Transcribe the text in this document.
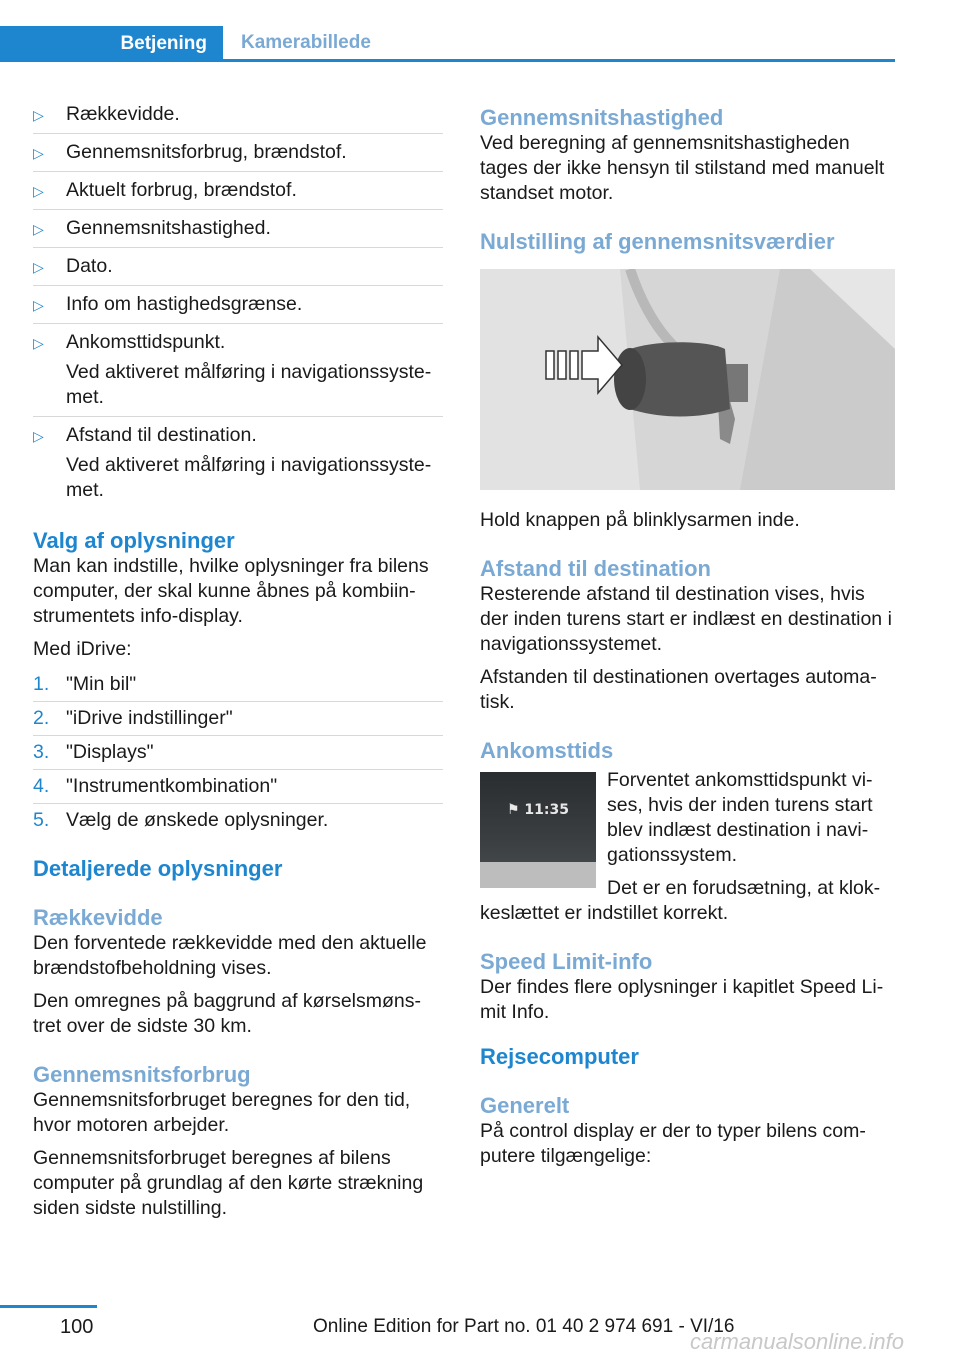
Betjening	Kamerabillede
▷ Rækkevidde.
▷ Gennemsnitsforbrug, brændstof.
▷ Aktuelt forbrug, brændstof.
▷ Gennemsnitshastighed.
▷ Dato.
▷ Info om hastighedsgrænse.
▷ Ankomsttidspunkt.
Ved aktiveret målføring i navigationssyste‐met.
▷ Afstand til destination.
Ved aktiveret målføring i navigationssyste‐met.
Valg af oplysninger

Man kan indstille, hvilke oplysninger fra bilens computer, der skal kunne åbnes på kombiin‐strumentets info-display.

Med iDrive:

1. "Min bil"
2. "iDrive indstillinger"
3. "Displays"
4. "Instrumentkombination"
5. Vælg de ønskede oplysninger.
Detaljerede oplysninger
Rækkevidde

Den forventede rækkevidde med den aktuelle brændstofbeholdning vises.

Den omregnes på baggrund af kørselsmøns‐tret over de sidste 30 km.

Gennemsnitsforbrug

Gennemsnitsforbruget beregnes for den tid, hvor motoren arbejder.

Gennemsnitsforbruget beregnes af bilens computer på grundlag af den kørte strækning siden sidste nulstilling.

Gennemsnitshastighed

Ved beregning af gennemsnitshastigheden tages der ikke hensyn til stilstand med manuelt standset motor.

Nulstilling af gennemsnitsværdier

Hold knappen på blinklysarmen inde.

Afstand til destination

Resterende afstand til destination vises, hvis der inden turens start er indlæst en destination i navigationssystemet.

Afstanden til destinationen overtages automa‐tisk.

Ankomsttids
⚑ 11:35

Forventet ankomsttidspunkt vi‐ses, hvis der inden turens start blev indlæst destination i navi‐gationssystem.

Det er en forudsætning, at klok‐keslættet er indstillet korrekt.

Speed Limit-info

Der findes flere oplysninger i kapitlet Speed Li‐mit Info.

Rejsecomputer
Generelt

På control display er der to typer bilens com‐putere tilgængelige:

100	Online Edition for Part no. 01 40 2 974 691 - VI/16
carmanualsonline.info
